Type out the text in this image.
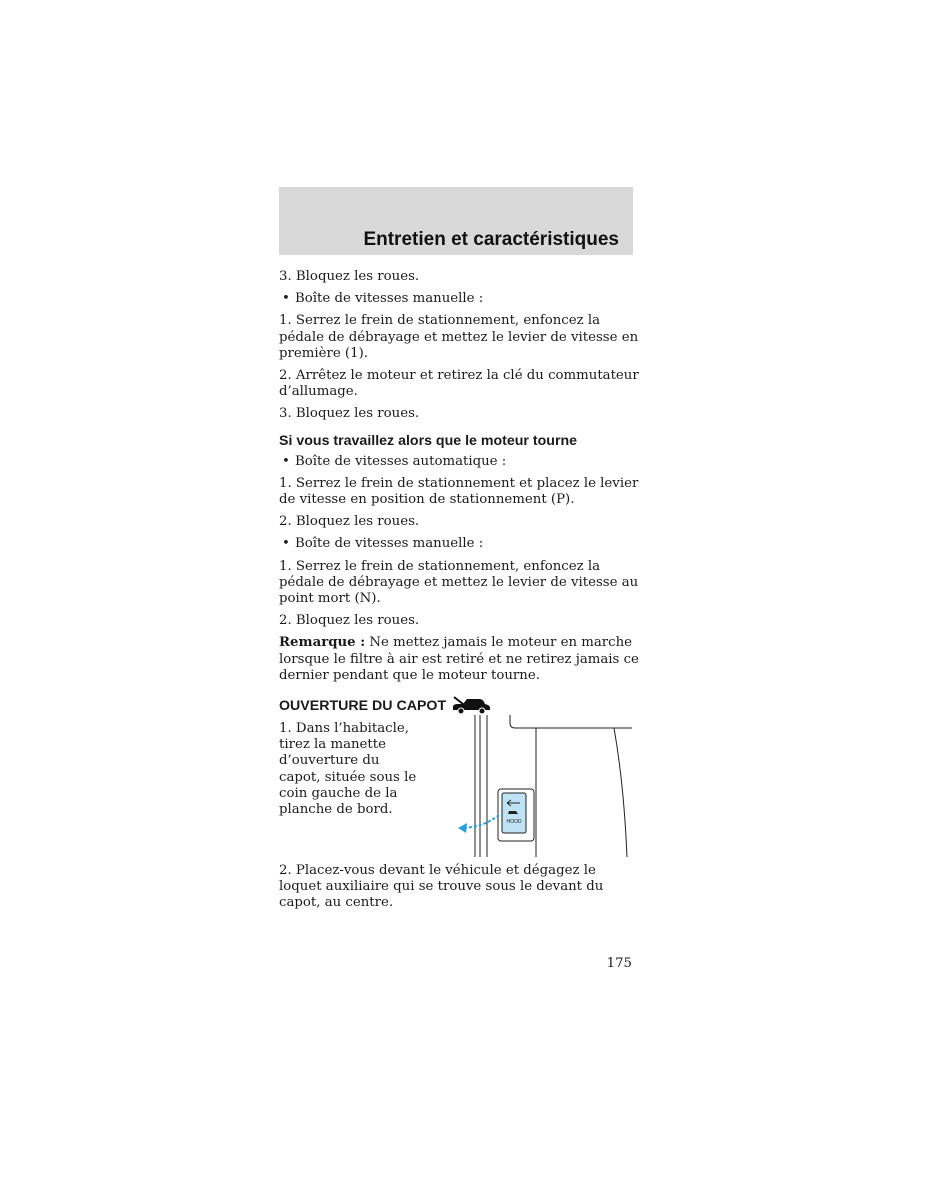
Entretien et caractéristiques

3. Bloquez les roues.

• Boîte de vitesses manuelle :

1. Serrez le frein de stationnement, enfoncez la pédale de débrayage et mettez le levier de vitesse en première (1).

2. Arrêtez le moteur et retirez la clé du commutateur d’allumage.

3. Bloquez les roues.

Si vous travaillez alors que le moteur tourne

• Boîte de vitesses automatique :

1. Serrez le frein de stationnement et placez le levier de vitesse en position de stationnement (P).

2. Bloquez les roues.

• Boîte de vitesses manuelle :

1. Serrez le frein de stationnement, enfoncez la pédale de débrayage et mettez le levier de vitesse au point mort (N).

2. Bloquez les roues.

Remarque : Ne mettez jamais le moteur en marche lorsque le filtre à air est retiré et ne retirez jamais ce dernier pendant que le moteur tourne.

OUVERTURE DU CAPOT

1. Dans l’habitacle, tirez la manette d’ouverture du capot, située sous le coin gauche de la planche de bord.

HOOD

2. Placez-vous devant le véhicule et dégagez le loquet auxiliaire qui se trouve sous le devant du capot, au centre.

175
